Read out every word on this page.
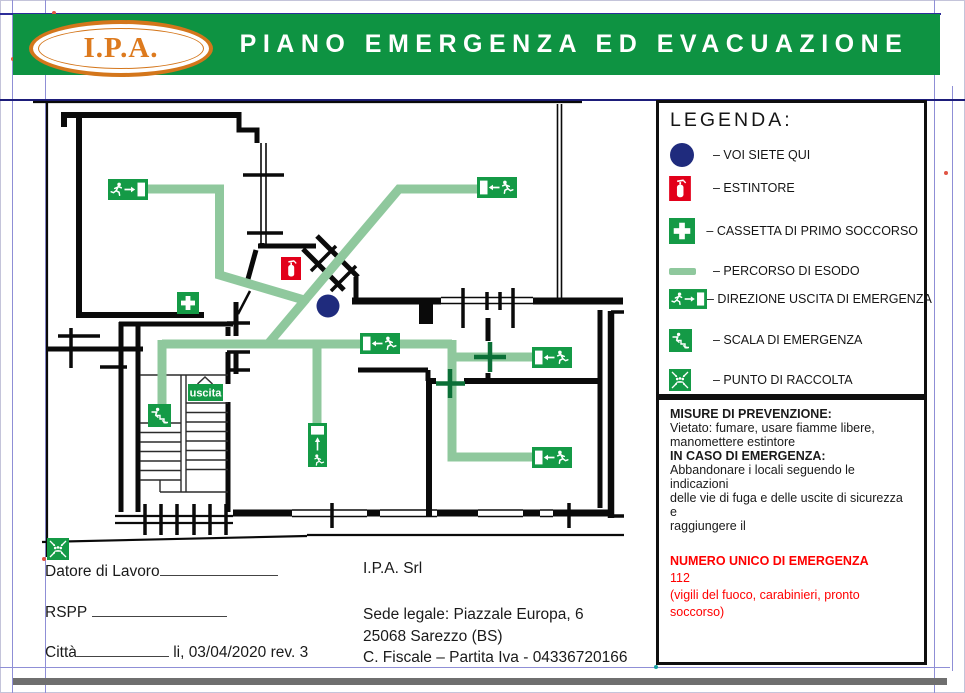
I.P.A.	PIANO EMERGENZA ED EVACUAZIONE
uscita
LEGENDA:
– VOI SIETE QUI
– ESTINTORE
– CASSETTA DI PRIMO SOCCORSO
– PERCORSO DI ESODO
– DIREZIONE USCITA DI EMERGENZA
– SCALA DI EMERGENZA
– PUNTO DI RACCOLTA

MISURE DI PREVENZIONE:

Vietato: fumare, usare fiamme libere,

manomettere estintore

IN CASO DI EMERGENZA:

Abbandonare i locali seguendo le indicazioni

delle vie di fuga e delle uscite di sicurezza e

raggiungere il

NUMERO UNICO DI EMERGENZA

112

(vigili del fuoco, carabinieri, pronto soccorso)

Datore di Lavoro
RSPP
Città	li, 03/04/2020 rev. 3
I.P.A. Srl
Sede legale: Piazzale Europa, 6
25068 Sarezzo (BS)
C. Fiscale – Partita Iva - 04336720166
